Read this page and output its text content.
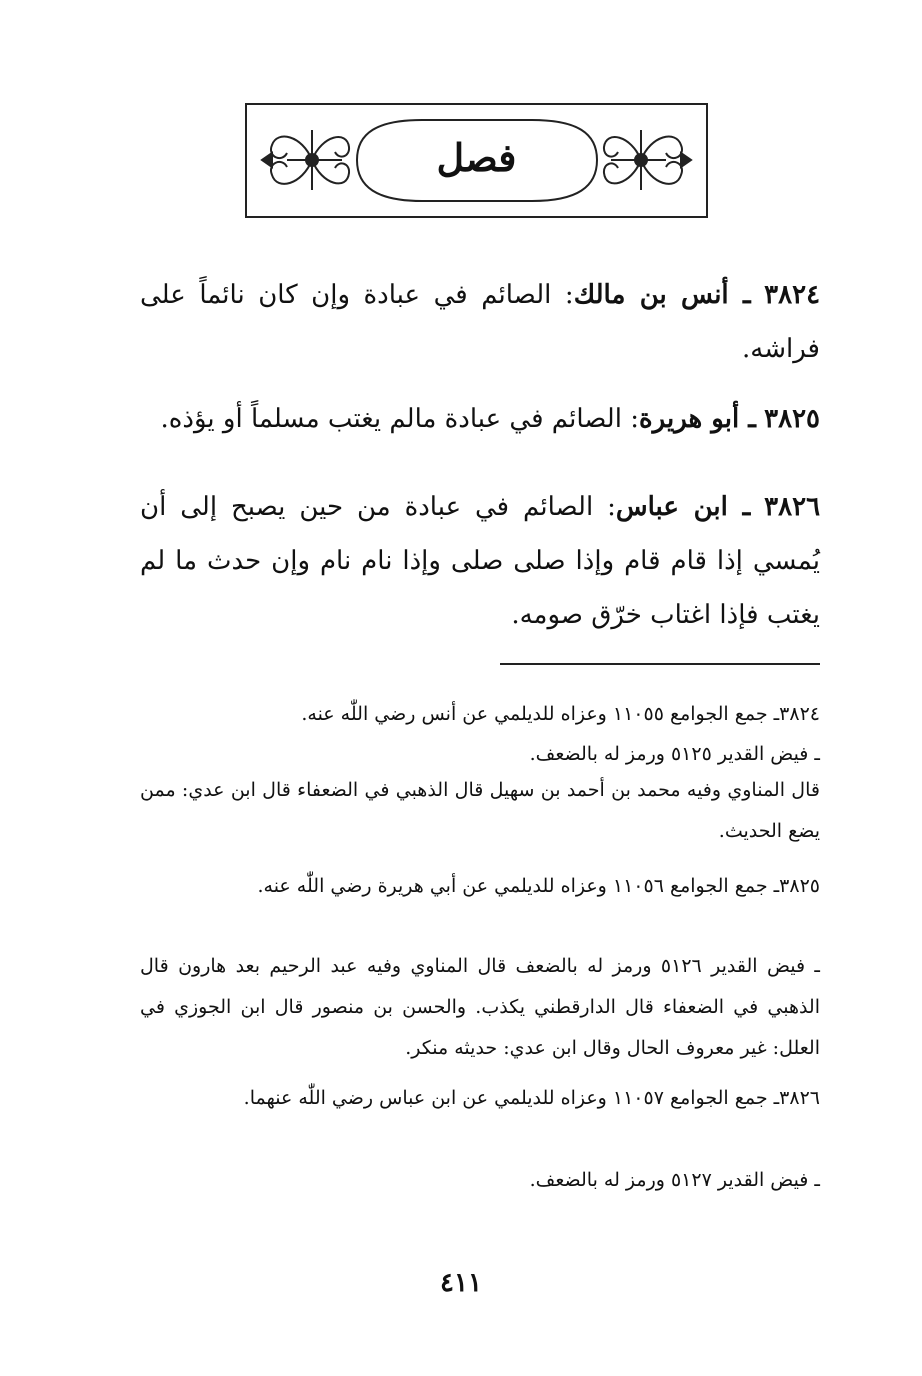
فصل
٣٨٢٤ ـ أنس بن مالك: الصائم في عبادة وإن كان نائماً على فراشه.
٣٨٢٥ ـ أبو هريرة: الصائم في عبادة مالم يغتب مسلماً أو يؤذه.
٣٨٢٦ ـ ابن عباس: الصائم في عبادة من حين يصبح إلى أن يُمسي إذا قام قام وإذا صلى صلى وإذا نام نام وإن حدث ما لم يغتب فإذا اغتاب خرّق صومه.
٣٨٢٤ـ جمع الجوامع ١١٠٥٥ وعزاه للديلمي عن أنس رضي اللّٰه عنه.
ـ فيض القدير ٥١٢٥ ورمز له بالضعف.
قال المناوي وفيه محمد بن أحمد بن سهيل قال الذهبي في الضعفاء قال ابن عدي: ممن يضع الحديث.
٣٨٢٥ـ جمع الجوامع ١١٠٥٦ وعزاه للديلمي عن أبي هريرة رضي اللّٰه عنه.
ـ فيض القدير ٥١٢٦ ورمز له بالضعف قال المناوي وفيه عبد الرحيم بعد هارون قال الذهبي في الضعفاء قال الدارقطني يكذب. والحسن بن منصور قال ابن الجوزي في العلل: غير معروف الحال وقال ابن عدي: حديثه منكر.
٣٨٢٦ـ جمع الجوامع ١١٠٥٧ وعزاه للديلمي عن ابن عباس رضي اللّٰه عنهما.
ـ فيض القدير ٥١٢٧ ورمز له بالضعف.
٤١١
